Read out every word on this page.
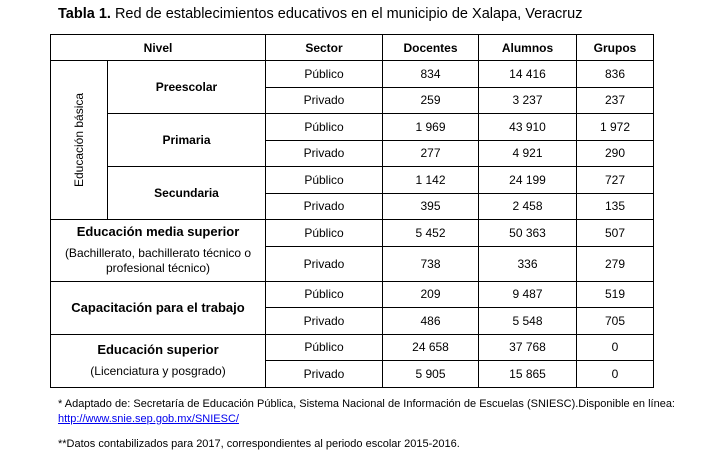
Tabla 1. Red de establecimientos educativos en el municipio de Xalapa, Veracruz
Nivel		Sector	Docentes	Alumnos	Grupos

Educación básica	Preescolar	Público	834	14 416	836
		Privado	259	3 237	237
	Primaria	Público	1 969	43 910	1 972
		Privado	277	4 921	290
	Secundaria	Público	1 142	24 199	727
		Privado	395	2 458	135

Educación media superior
(Bachillerato, bachillerato técnico o profesional técnico)		Público	5 452	50 363	507
		Privado	738	336	279

Capacitación para el trabajo		Público	209	9 487	519
		Privado	486	5 548	705

Educación superior
(Licenciatura y posgrado)		Público	24 658	37 768	0
		Privado	5 905	15 865	0

* Adaptado de: Secretaría de Educación Pública, Sistema Nacional de Información de Escuelas (SNIESC).Disponible en línea: http://www.snie.sep.gob.mx/SNIESC/

**Datos contabilizados para 2017, correspondientes al periodo escolar 2015-2016.
